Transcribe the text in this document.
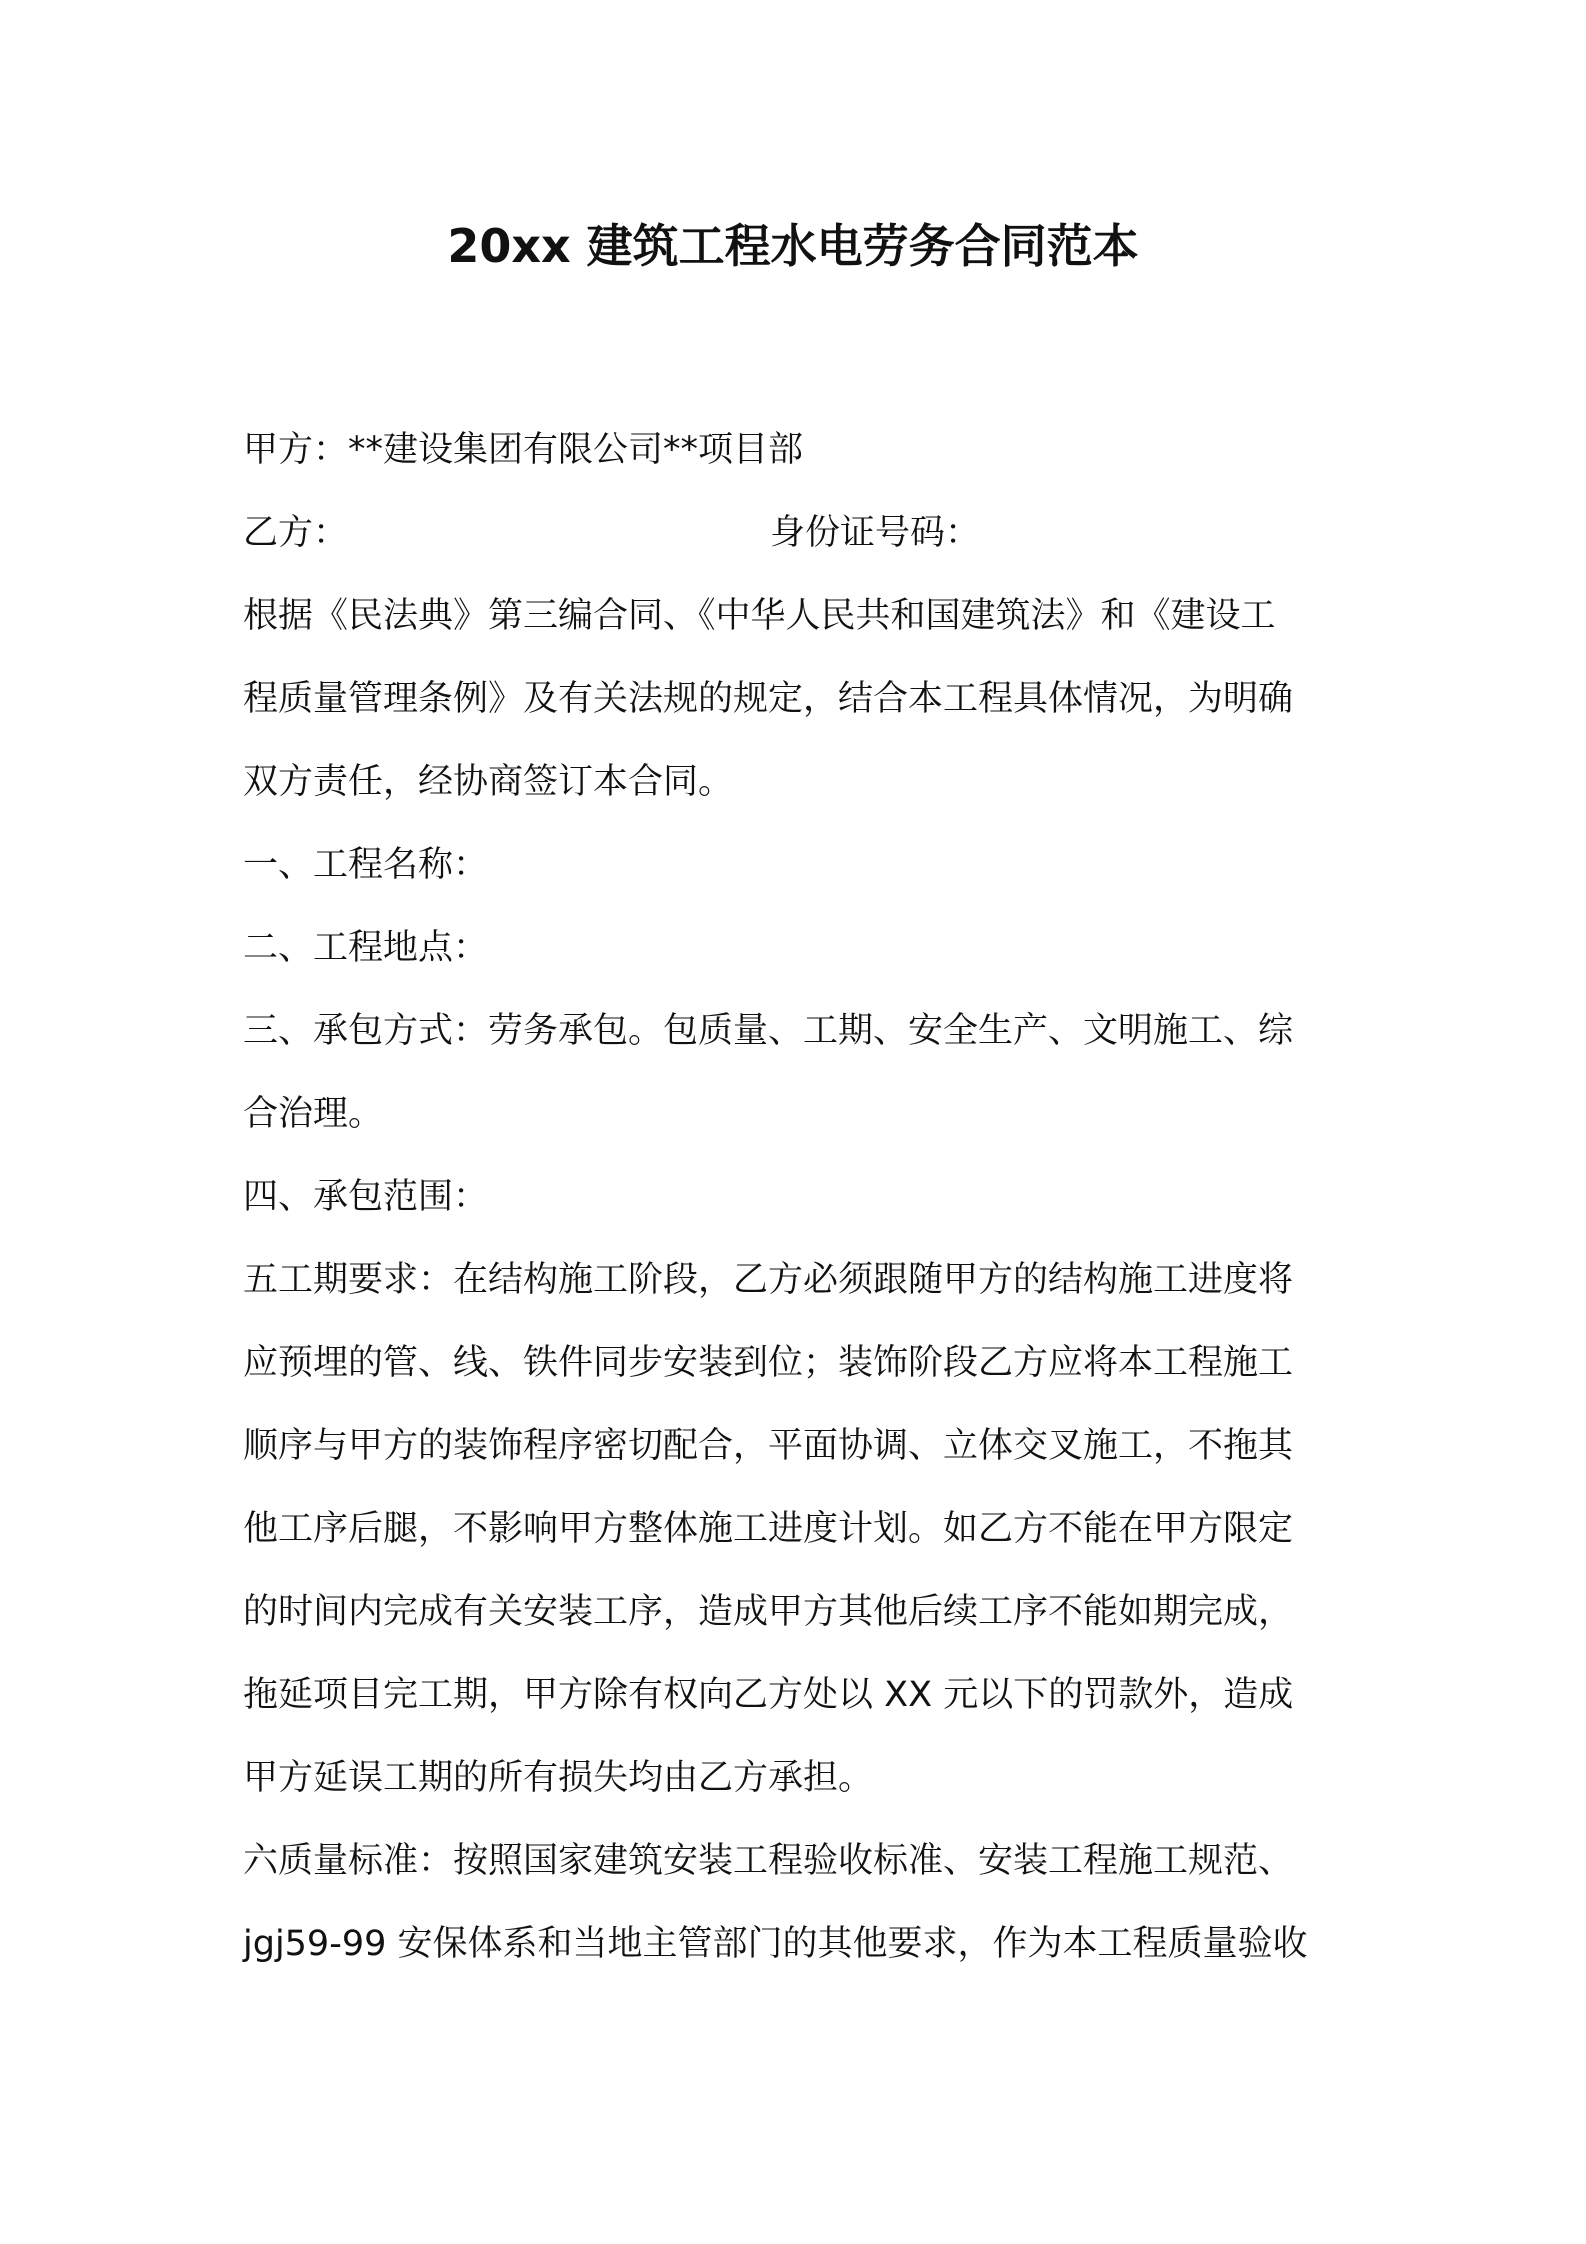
20xx 建筑工程水电劳务合同范本
甲方：**建设集团有限公司**项目部
乙方：	身份证号码：
根据《民法典》第三编合同、《中华人民共和国建筑法》和《建设工
程质量管理条例》及有关法规的规定，结合本工程具体情况，为明确
双方责任，经协商签订本合同。
一、工程名称：
二、工程地点：
三、承包方式：劳务承包。包质量、工期、安全生产、文明施工、综
合治理。
四、承包范围：
五工期要求：在结构施工阶段，乙方必须跟随甲方的结构施工进度将
应预埋的管、线、铁件同步安装到位；装饰阶段乙方应将本工程施工
顺序与甲方的装饰程序密切配合，平面协调、立体交叉施工，不拖其
他工序后腿，不影响甲方整体施工进度计划。如乙方不能在甲方限定
的时间内完成有关安装工序，造成甲方其他后续工序不能如期完成，
拖延项目完工期，甲方除有权向乙方处以 XX 元以下的罚款外，造成
甲方延误工期的所有损失均由乙方承担。
六质量标准：按照国家建筑安装工程验收标准、安装工程施工规范、
jgj59-99 安保体系和当地主管部门的其他要求，作为本工程质量验收
